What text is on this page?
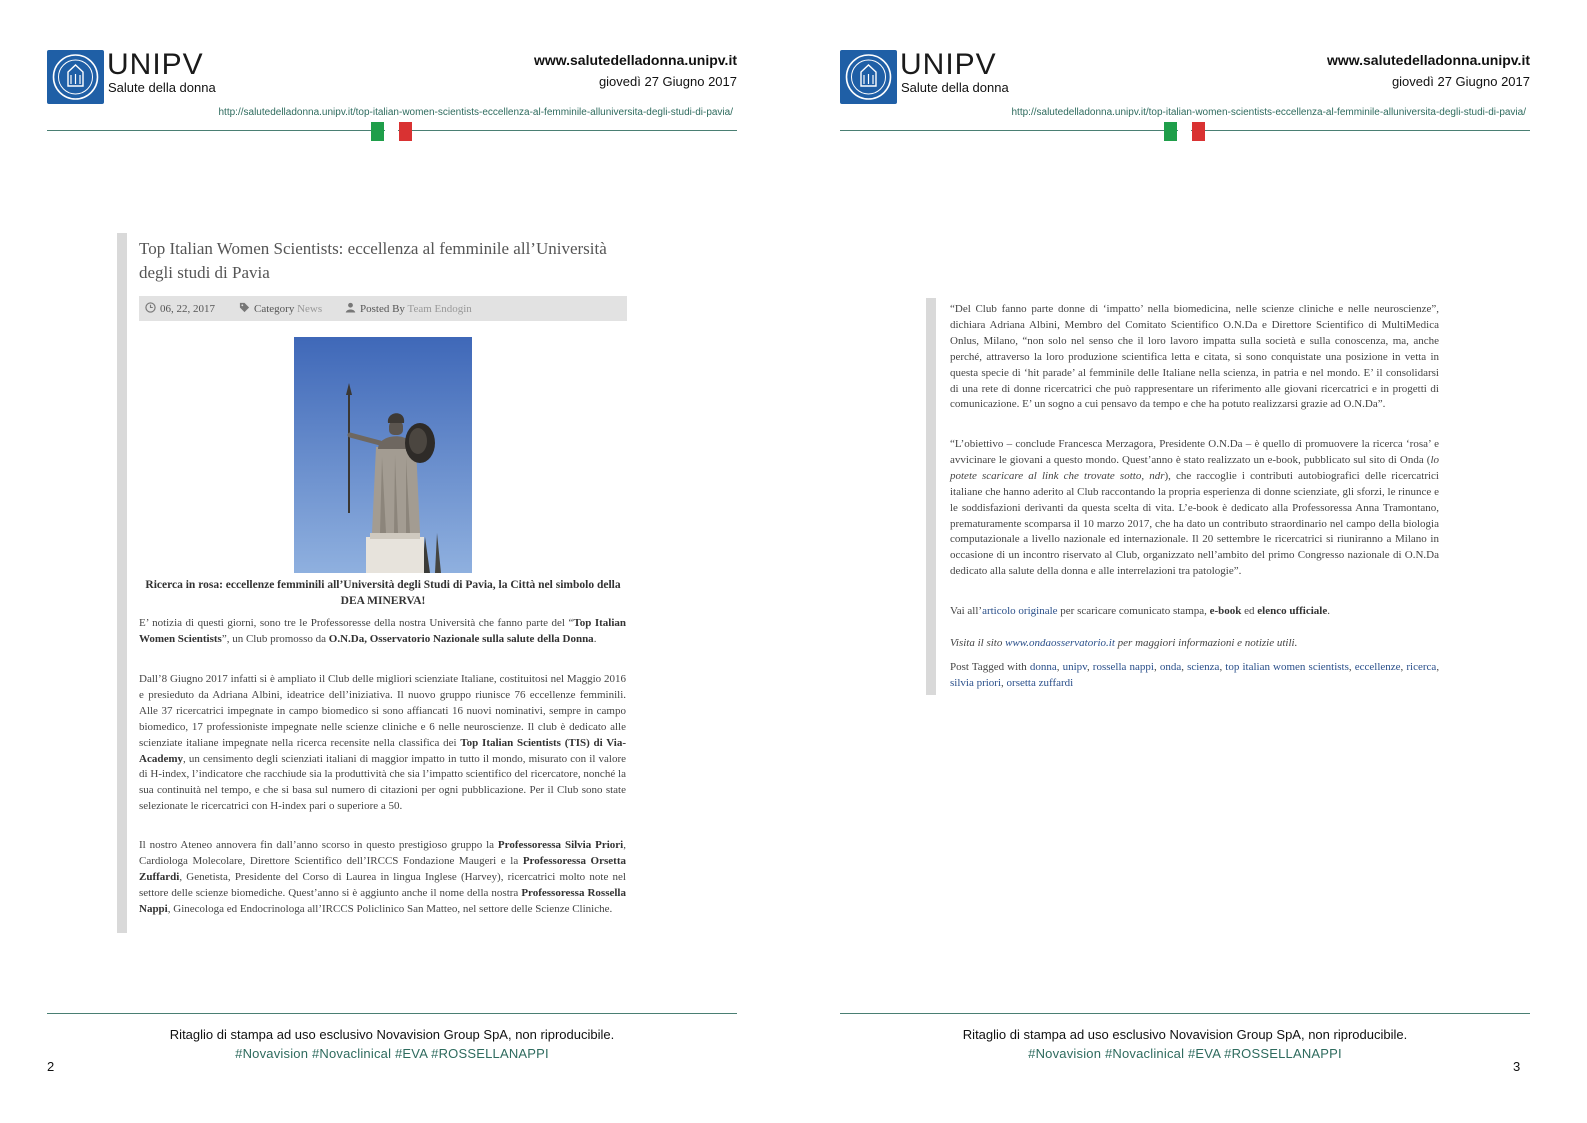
UNIPV
Salute della donna
www.salutedelladonna.unipv.it
giovedì 27 Giugno 2017
http://salutedelladonna.unipv.it/top-italian-women-scientists-eccellenza-al-femminile-alluniversita-degli-studi-di-pavia/
Top Italian Women Scientists: eccellenza al femminile all’Università degli studi di Pavia
06, 22, 2017	Category News	Posted By Team Endogin
Ricerca in rosa: eccellenze femminili all’Università degli Studi di Pavia, la Città nel simbolo della DEA MINERVA!

E’ notizia di questi giorni, sono tre le Professoresse della nostra Università che fanno parte del “Top Italian Women Scientists”, un Club promosso da O.N.Da, Osservatorio Nazionale sulla salute della Donna.

Dall’8 Giugno 2017 infatti si è ampliato il Club delle migliori scienziate Italiane, costituitosi nel Maggio 2016 e presieduto da Adriana Albini, ideatrice dell’iniziativa. Il nuovo gruppo riunisce 76 eccellenze femminili. Alle 37 ricercatrici impegnate in campo biomedico si sono affiancati 16 nuovi nominativi, sempre in campo biomedico, 17 professioniste impegnate nelle scienze cliniche e 6 nelle neuroscienze. Il club è dedicato alle scienziate italiane impegnate nella ricerca recensite nella classifica dei Top Italian Scientists (TIS) di Via-Academy, un censimento degli scienziati italiani di maggior impatto in tutto il mondo, misurato con il valore di H-index, l’indicatore che racchiude sia la produttività che sia l’impatto scientifico del ricercatore, nonché la sua continuità nel tempo, e che si basa sul numero di citazioni per ogni pubblicazione. Per il Club sono state selezionate le ricercatrici con H-index pari o superiore a 50.

Il nostro Ateneo annovera fin dall’anno scorso in questo prestigioso gruppo la Professoressa Silvia Priori, Cardiologa Molecolare, Direttore Scientifico dell’IRCCS Fondazione Maugeri e la Professoressa Orsetta Zuffardi, Genetista, Presidente del Corso di Laurea in lingua Inglese (Harvey), ricercatrici molto note nel settore delle scienze biomediche. Quest’anno si è aggiunto anche il nome della nostra Professoressa Rossella Nappi, Ginecologa ed Endocrinologa all’IRCCS Policlinico San Matteo, nel settore delle Scienze Cliniche.

Ritaglio di stampa ad uso esclusivo Novavision Group SpA, non riproducibile.
#Novavision #Novaclinical #EVA #ROSSELLANAPPI
2
UNIPV
Salute della donna
www.salutedelladonna.unipv.it
giovedì 27 Giugno 2017
http://salutedelladonna.unipv.it/top-italian-women-scientists-eccellenza-al-femminile-alluniversita-degli-studi-di-pavia/
Ritaglio di stampa ad uso esclusivo Novavision Group SpA, non riproducibile.
#Novavision #Novaclinical #EVA #ROSSELLANAPPI
3

“Del Club fanno parte donne di ‘impatto’ nella biomedicina, nelle scienze cliniche e nelle neuroscienze”, dichiara Adriana Albini, Membro del Comitato Scientifico O.N.Da e Direttore Scientifico di MultiMedica Onlus, Milano, “non solo nel senso che il loro lavoro impatta sulla società e sulla conoscenza, ma, anche perché, attraverso la loro produzione scientifica letta e citata, si sono conquistate una posizione in vetta in questa specie di ‘hit parade’ al femminile delle Italiane nella scienza, in patria e nel mondo. E’ il consolidarsi di una rete di donne ricercatrici che può rappresentare un riferimento alle giovani ricercatrici e in progetti di comunicazione. E’ un sogno a cui pensavo da tempo e che ha potuto realizzarsi grazie ad O.N.Da”.

“L’obiettivo – conclude Francesca Merzagora, Presidente O.N.Da – è quello di promuovere la ricerca ‘rosa’ e avvicinare le giovani a questo mondo. Quest’anno è stato realizzato un e-book, pubblicato sul sito di Onda (lo potete scaricare al link che trovate sotto, ndr), che raccoglie i contributi autobiografici delle ricercatrici italiane che hanno aderito al Club raccontando la propria esperienza di donne scienziate, gli sforzi, le rinunce e le soddisfazioni derivanti da questa scelta di vita. L’e-book è dedicato alla Professoressa Anna Tramontano, prematuramente scomparsa il 10 marzo 2017, che ha dato un contributo straordinario nel campo della biologia computazionale a livello nazionale ed internazionale. Il 20 settembre le ricercatrici si riuniranno a Milano in occasione di un incontro riservato al Club, organizzato nell’ambito del primo Congresso nazionale di O.N.Da dedicato alla salute della donna e alle interrelazioni tra patologie”.

Vai all’articolo originale per scaricare comunicato stampa, e-book ed elenco ufficiale.

Visita il sito www.ondaosservatorio.it per maggiori informazioni e notizie utili.

Post Tagged with donna, unipv, rossella nappi, onda, scienza, top italian women scientists, eccellenze, ricerca, silvia priori, orsetta zuffardi
